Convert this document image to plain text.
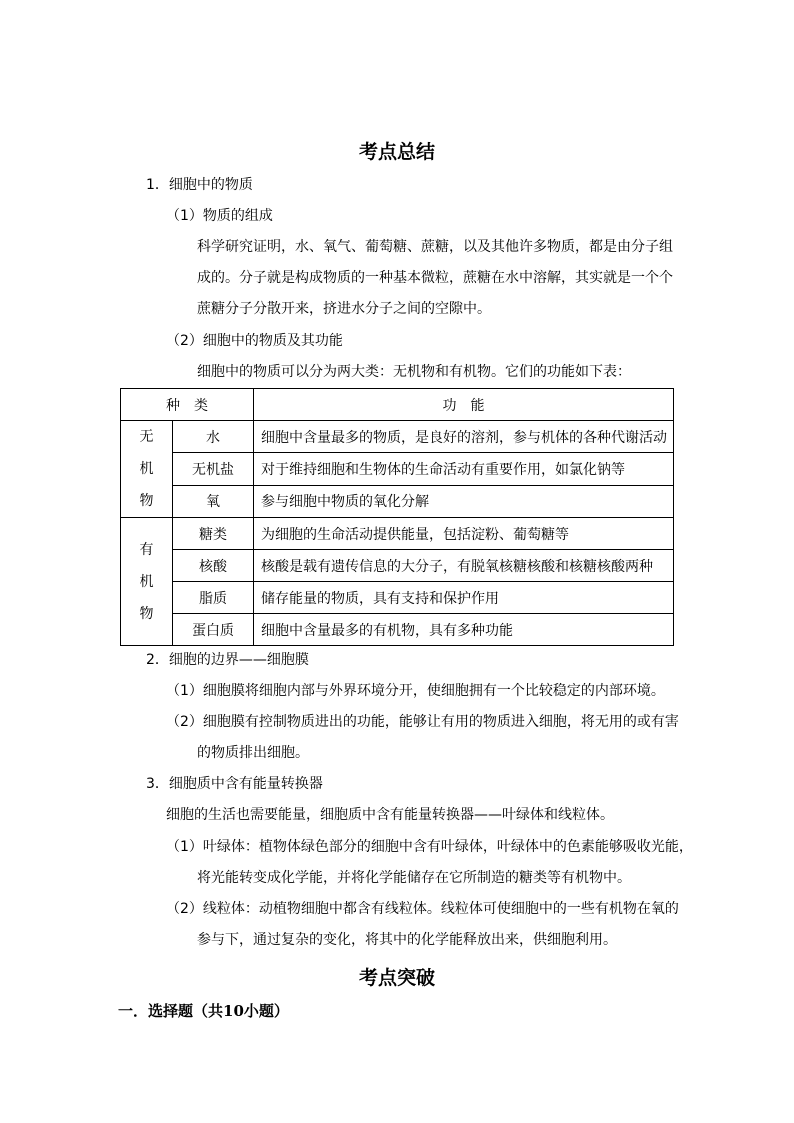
考点总结
1．细胞中的物质
（1）物质的组成
科学研究证明，水、氧气、葡萄糖、蔗糖，以及其他许多物质，都是由分子组
成的。分子就是构成物质的一种基本微粒，蔗糖在水中溶解，其实就是一个个
蔗糖分子分散开来，挤进水分子之间的空隙中。
（2）细胞中的物质及其功能
细胞中的物质可以分为两大类：无机物和有机物。它们的功能如下表：
种　类		功　能

无
机
物	水	细胞中含量最多的物质，是良好的溶剂，参与机体的各种代谢活动
	无机盐	对于维持细胞和生物体的生命活动有重要作用，如氯化钠等
	氧	参与细胞中物质的氧化分解

有
机
物	糖类	为细胞的生命活动提供能量，包括淀粉、葡萄糖等
	核酸	核酸是载有遗传信息的大分子，有脱氧核糖核酸和核糖核酸两种
	脂质	储存能量的物质，具有支持和保护作用
	蛋白质	细胞中含量最多的有机物，具有多种功能
2．细胞的边界——细胞膜
（1）细胞膜将细胞内部与外界环境分开，使细胞拥有一个比较稳定的内部环境。
（2）细胞膜有控制物质进出的功能，能够让有用的物质进入细胞，将无用的或有害
的物质排出细胞。
3．细胞质中含有能量转换器
细胞的生活也需要能量，细胞质中含有能量转换器——叶绿体和线粒体。
（1）叶绿体：植物体绿色部分的细胞中含有叶绿体，叶绿体中的色素能够吸收光能，
将光能转变成化学能，并将化学能储存在它所制造的糖类等有机物中。
（2）线粒体：动植物细胞中都含有线粒体。线粒体可使细胞中的一些有机物在氧的
参与下，通过复杂的变化，将其中的化学能释放出来，供细胞利用。
考点突破
一．选择题（共10小题）
